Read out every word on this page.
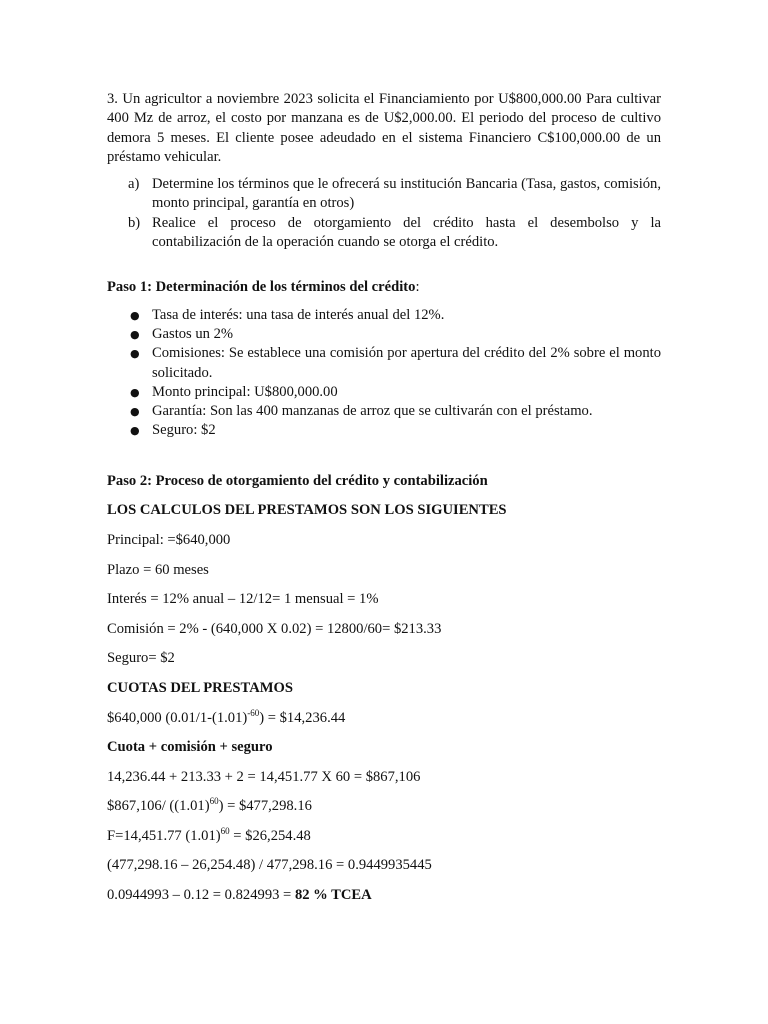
3. Un agricultor a noviembre 2023 solicita el Financiamiento por U$800,000.00 Para cultivar 400 Mz de arroz, el costo por manzana es de U$2,000.00. El periodo del proceso de cultivo demora 5 meses. El cliente posee adeudado en el sistema Financiero C$100,000.00 de un préstamo vehicular.

a) Determine los términos que le ofrecerá su institución Bancaria (Tasa, gastos, comisión, monto principal, garantía en otros)
b) Realice el proceso de otorgamiento del crédito hasta el desembolso y la contabilización de la operación cuando se otorga el crédito.

Paso 1: Determinación de los términos del crédito:

● Tasa de interés: una tasa de interés anual del 12%.
● Gastos un 2%
● Comisiones: Se establece una comisión por apertura del crédito del 2% sobre el monto solicitado.
● Monto principal: U$800,000.00
● Garantía: Son las 400 manzanas de arroz que se cultivarán con el préstamo.
● Seguro: $2

Paso 2: Proceso de otorgamiento del crédito y contabilización

LOS CALCULOS DEL PRESTAMOS SON LOS SIGUIENTES

Principal: =$640,000

Plazo = 60 meses

Interés = 12% anual – 12/12= 1 mensual = 1%

Comisión = 2% - (640,000 X 0.02) = 12800/60= $213.33

Seguro= $2

CUOTAS DEL PRESTAMOS

$640,000 $(0.01/1-(1.01)^{-60})$ = $14,236.44

Cuota + comisión + seguro

14,236.44 + 213.33 + 2 = 14,451.77 X 60 = $867,106

$867,106/ $((1.01)^{60})$ = $477,298.16

F=14,451.77 $(1.01)^{60}$ = $26,254.48

(477,298.16 – 26,254.48) / 477,298.16 = 0.9449935445

0.0944993 – 0.12 = 0.824993 = 82 % TCEA
